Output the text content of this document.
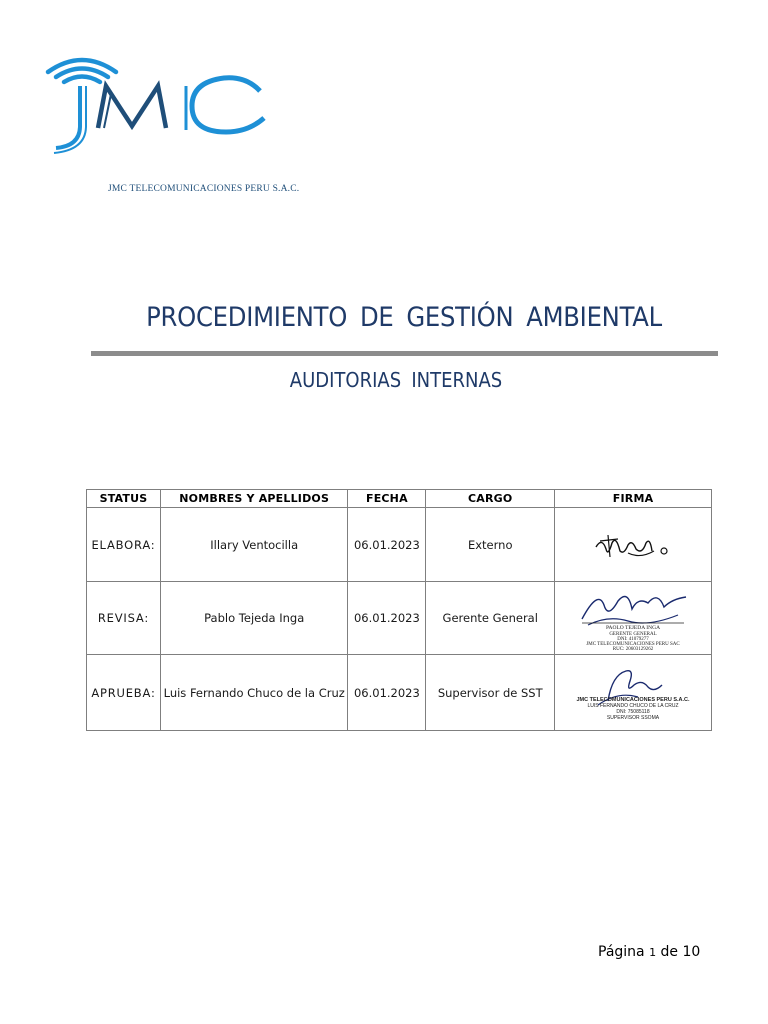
JMC TELECOMUNICACIONES PERU S.A.C.
PROCEDIMIENTO DE GESTIÓN AMBIENTAL
AUDITORIAS INTERNAS
STATUS	NOMBRES Y APELLIDOS	FECHA	CARGO	FIRMA
ELABORA:	Illary Ventocilla	06.01.2023	Externo	

REVISA:	Pablo Tejeda Inga	06.01.2023	Gerente General	PAOLO TEJEDA INGA
GERENTE GENERAL
DNI: 41079277
JMC TELECOMUNICACIONES PERU SAC
RUC: 20603129262

APRUEBA:	Luis Fernando Chuco de la Cruz	06.01.2023	Supervisor de SST	JMC TELECOMUNICACIONES PERU S.A.C.
LUIS FERNANDO CHUCO DE LA CRUZ
DNI: 75085118
SUPERVISOR SSOMA
Página 1 de 10
